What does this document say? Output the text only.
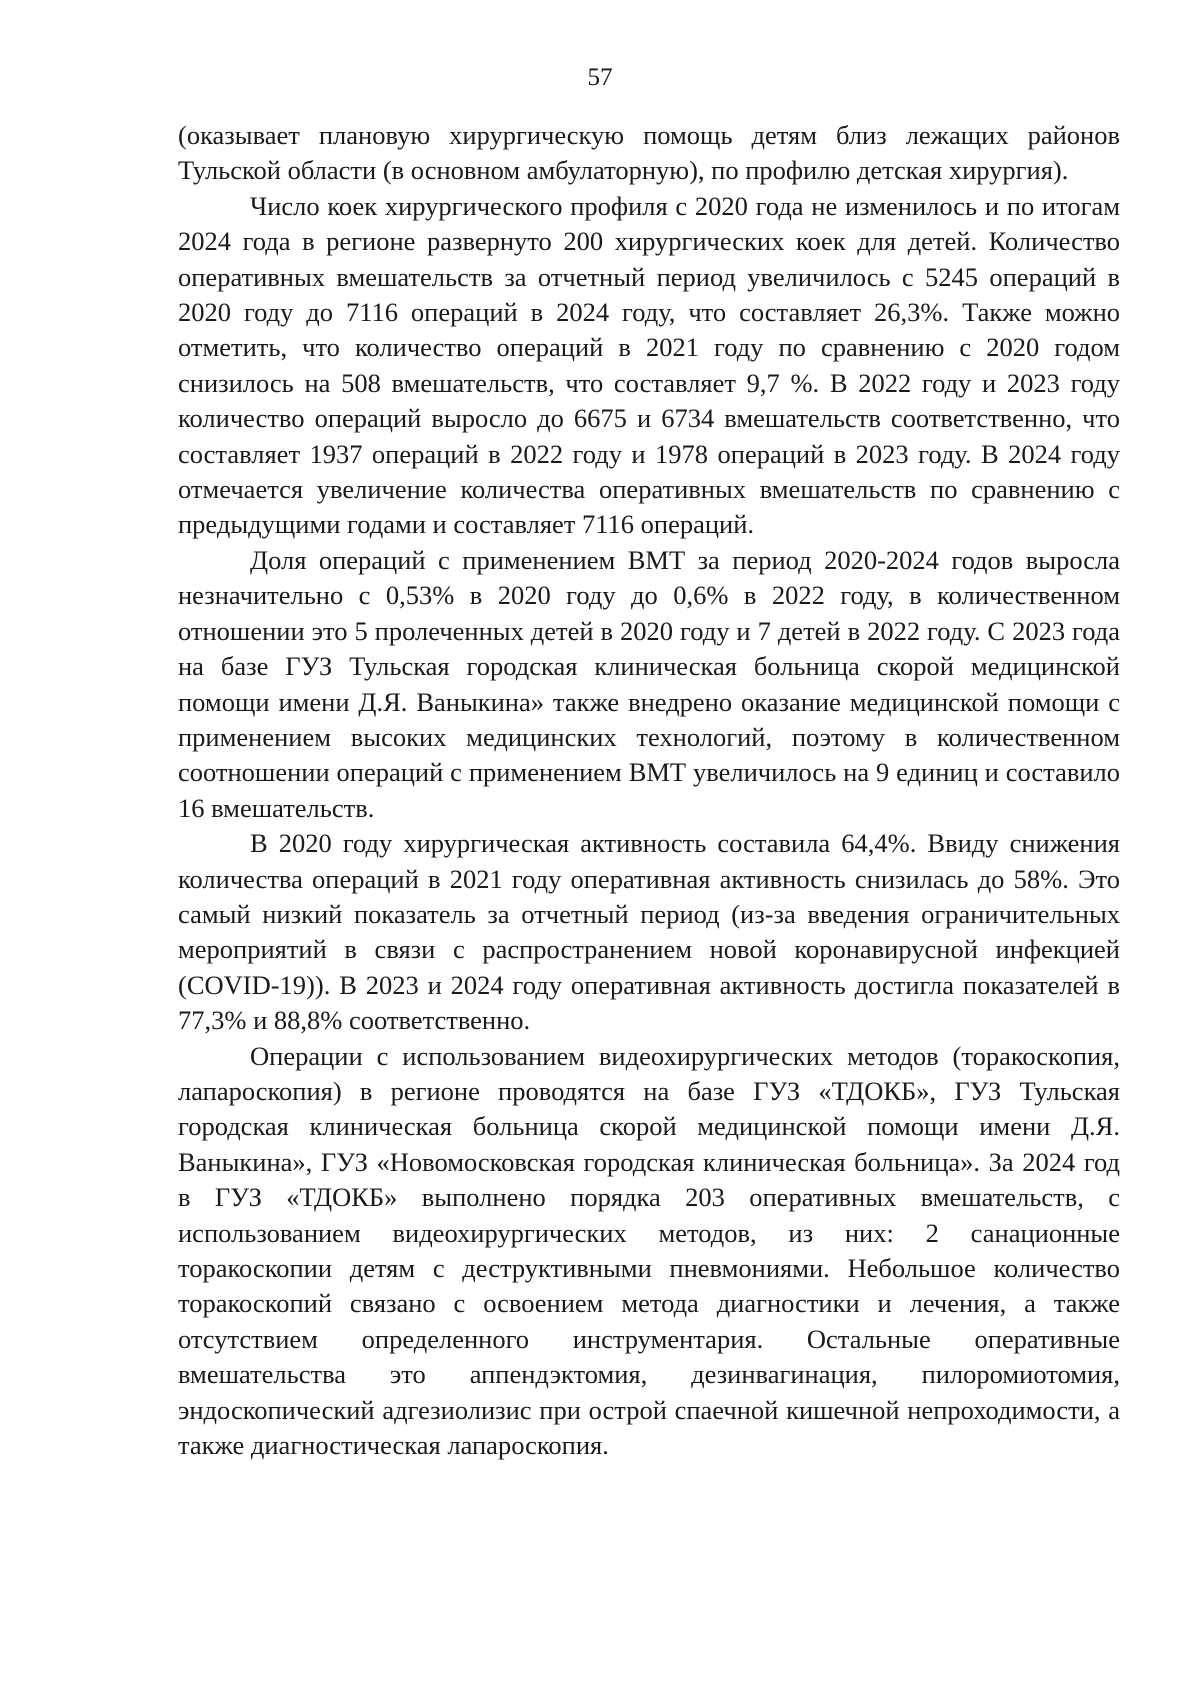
57

(оказывает плановую хирургическую помощь детям близ лежащих районов Тульской области (в основном амбулаторную), по профилю детская хирургия).

Число коек хирургического профиля с 2020 года не изменилось и по итогам 2024 года в регионе развернуто 200 хирургических коек для детей. Количество оперативных вмешательств за отчетный период увеличилось с 5245 операций в 2020 году до 7116 операций в 2024 году, что составляет 26,3%. Также можно отметить, что количество операций в 2021 году по сравнению с 2020 годом снизилось на 508 вмешательств, что составляет 9,7 %. В 2022 году и 2023 году количество операций выросло до 6675 и 6734 вмешательств соответственно, что составляет 1937 операций в 2022 году и 1978 операций в 2023 году. В 2024 году отмечается увеличение количества оперативных вмешательств по сравнению с предыдущими годами и составляет 7116 операций.

Доля операций с применением ВМТ за период 2020-2024 годов выросла незначительно с 0,53% в 2020 году до 0,6% в 2022 году, в количественном отношении это 5 пролеченных детей в 2020 году и 7 детей в 2022 году. С 2023 года на базе ГУЗ Тульская городская клиническая больница скорой медицинской помощи имени Д.Я. Ваныкина» также внедрено оказание медицинской помощи с применением высоких медицинских технологий, поэтому в количественном соотношении операций с применением ВМТ увеличилось на 9 единиц и составило 16 вмешательств.

В 2020 году хирургическая активность составила 64,4%. Ввиду снижения количества операций в 2021 году оперативная активность снизилась до 58%. Это самый низкий показатель за отчетный период (из-за введения ограничительных мероприятий в связи с распространением новой коронавирусной инфекцией (COVID-19)). В 2023 и 2024 году оперативная активность достигла показателей в 77,3% и 88,8% соответственно.

Операции с использованием видеохирургических методов (торакоскопия, лапароскопия) в регионе проводятся на базе ГУЗ «ТДОКБ», ГУЗ Тульская городская клиническая больница скорой медицинской помощи имени Д.Я. Ваныкина», ГУЗ «Новомосковская городская клиническая больница». За 2024 год в ГУЗ «ТДОКБ» выполнено порядка 203 оперативных вмешательств, с использованием видеохирургических методов, из них: 2 санационные торакоскопии детям с деструктивными пневмониями. Небольшое количество торакоскопий связано с освоением метода диагностики и лечения, а также отсутствием определенного инструментария. Остальные оперативные вмешательства это аппендэктомия, дезинвагинация, пилоромиотомия, эндоскопический адгезиолизис при острой спаечной кишечной непроходимости, а также диагностическая лапароскопия.
